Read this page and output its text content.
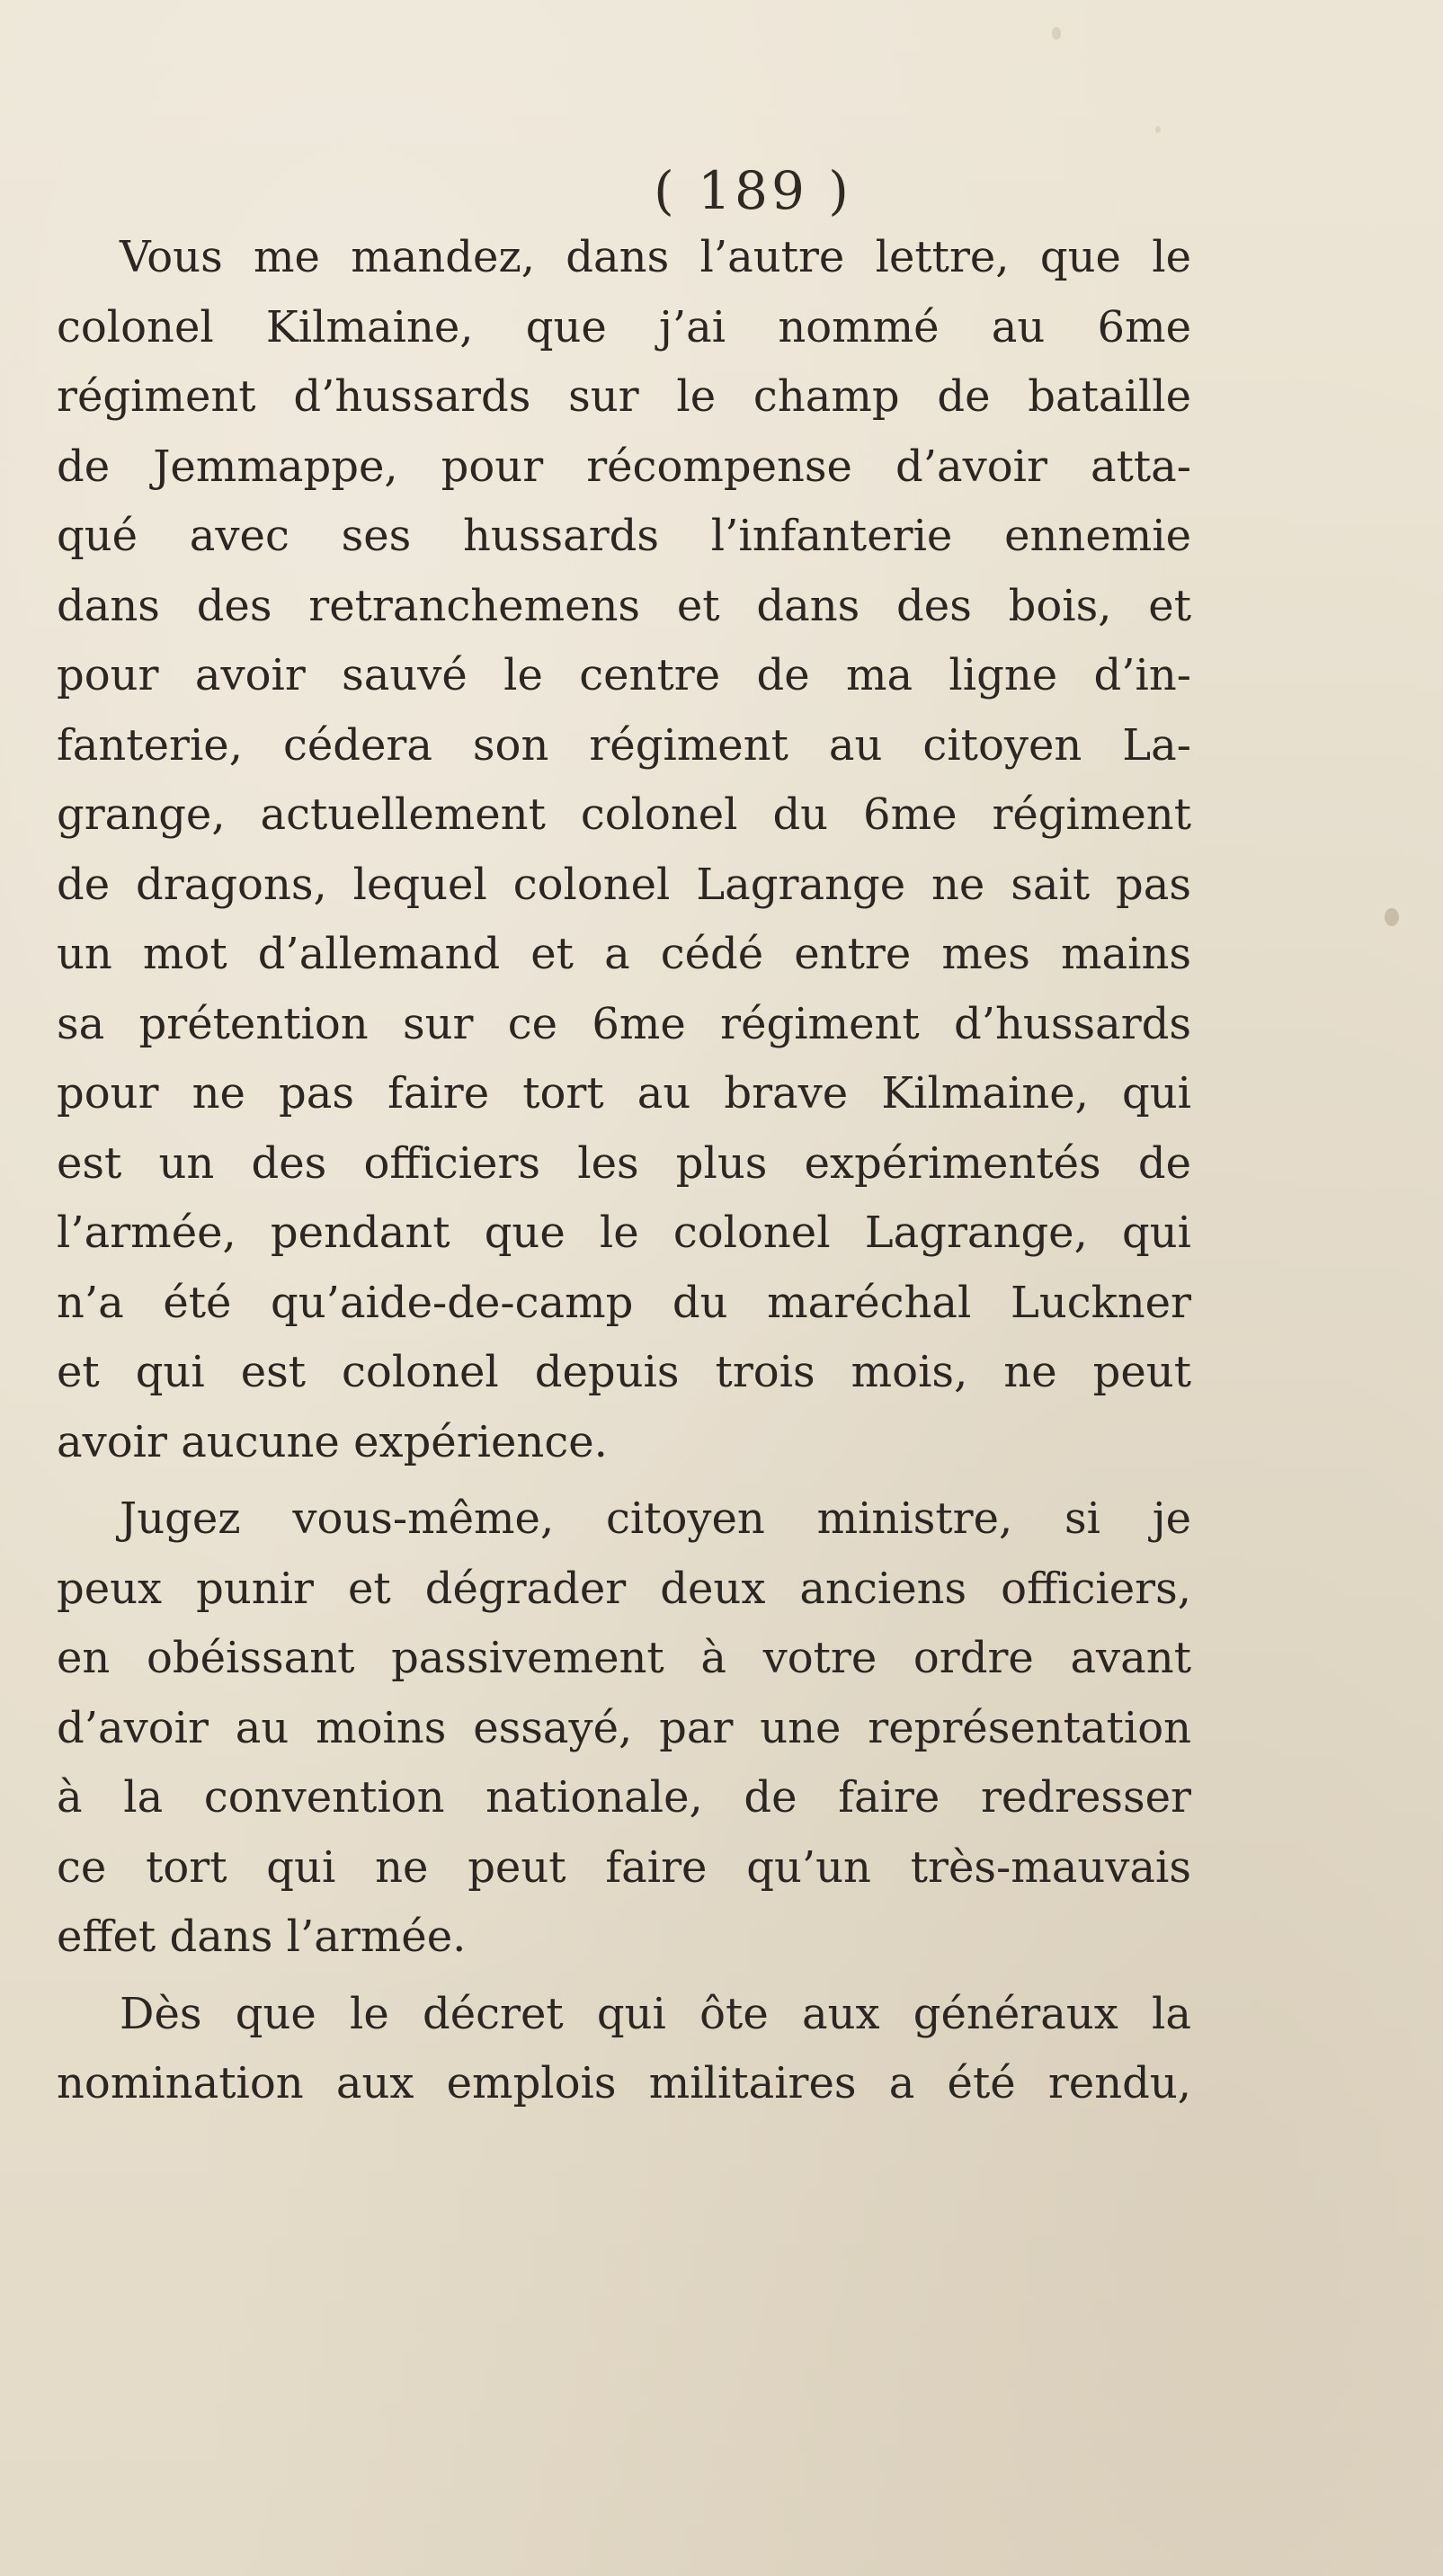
( 189 )
Vous me mandez, dans l’autre lettre, que le
colonel Kilmaine, que j’ai nommé au 6me
régiment d’hussards sur le champ de bataille
de Jemmappe, pour récompense d’avoir atta-
qué avec ses hussards l’infanterie ennemie
dans des retranchemens et dans des bois, et
pour avoir sauvé le centre de ma ligne d’in-
fanterie, cédera son régiment au citoyen La-
grange, actuellement colonel du 6me régiment
de dragons, lequel colonel Lagrange ne sait pas
un mot d’allemand et a cédé entre mes mains
sa prétention sur ce 6me régiment d’hussards
pour ne pas faire tort au brave Kilmaine, qui
est un des officiers les plus expérimentés de
l’armée, pendant que le colonel Lagrange, qui
n’a été qu’aide-de-camp du maréchal Luckner
et qui est colonel depuis trois mois, ne peut
avoir aucune expérience.
Jugez vous-même, citoyen ministre, si je
peux punir et dégrader deux anciens officiers,
en obéissant passivement à votre ordre avant
d’avoir au moins essayé, par une représentation
à la convention nationale, de faire redresser
ce tort qui ne peut faire qu’un très-mauvais
effet dans l’armée.
Dès que le décret qui ôte aux généraux la
nomination aux emplois militaires a été rendu,
